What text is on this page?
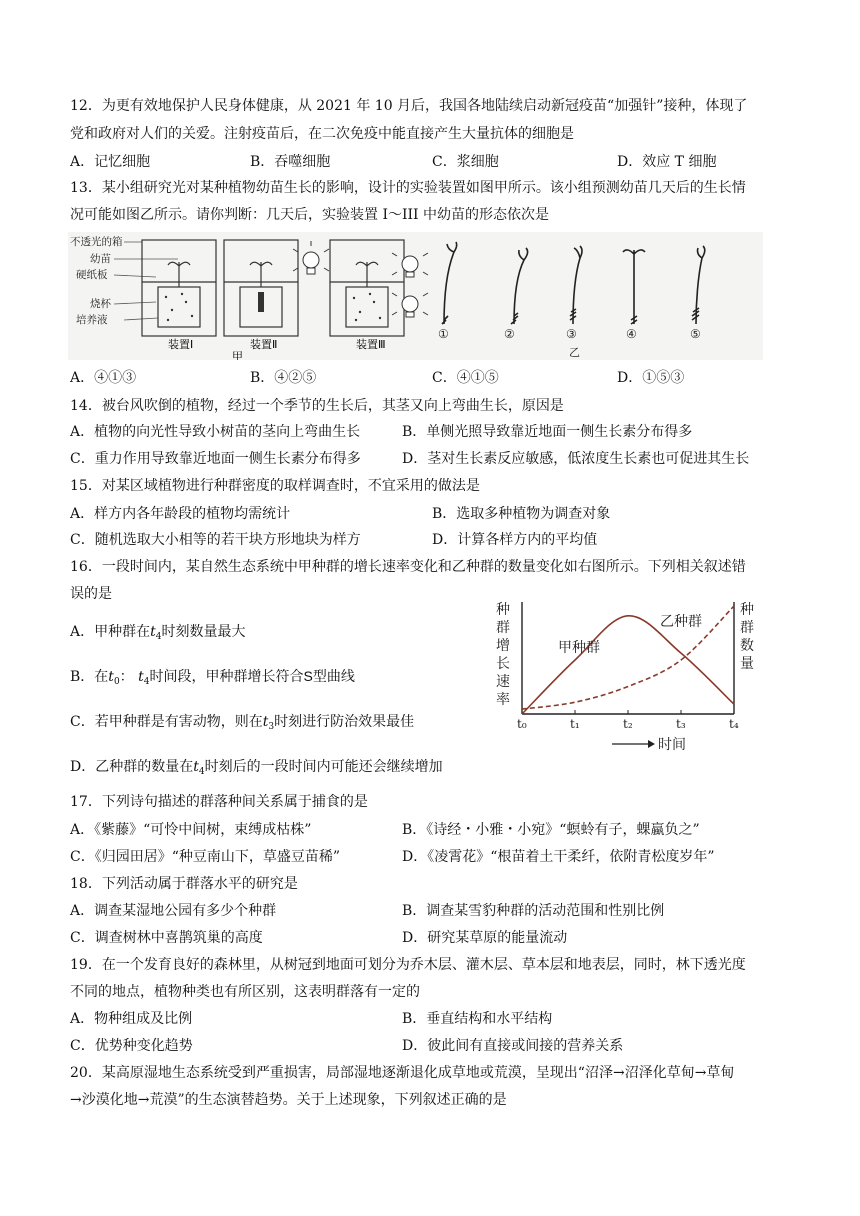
12．为更有效地保护人民身体健康，从 2021 年 10 月后，我国各地陆续启动新冠疫苗“加强针”接种，体现了
党和政府对人们的关爱。注射疫苗后，在二次免疫中能直接产生大量抗体的细胞是
A．记忆细胞	B．吞噬细胞	C．浆细胞	D．效应 T 细胞
13．某小组研究光对某种植物幼苗生长的影响，设计的实验装置如图甲所示。该小组预测幼苗几天后的生长情
况可能如图乙所示。请你判断：几天后，实验装置 I～III 中幼苗的形态依次是
不透光的箱
幼苗
硬纸板
烧杯
培养液
装置Ⅰ	装置Ⅱ
甲
装置Ⅲ
①	②	③	④	⑤
乙
A．④①③	B．④②⑤	C．④①⑤	D．①⑤③
14．被台风吹倒的植物，经过一个季节的生长后，其茎又向上弯曲生长，原因是
A．植物的向光性导致小树苗的茎向上弯曲生长	B．单侧光照导致靠近地面一侧生长素分布得多
C．重力作用导致靠近地面一侧生长素分布得多	D．茎对生长素反应敏感，低浓度生长素也可促进其生长
15．对某区域植物进行种群密度的取样调查时，不宜采用的做法是
A．样方内各年龄段的植物均需统计	B．选取多种植物为调查对象
C．随机选取大小相等的若干块方形地块为样方	D．计算各样方内的平均值
16．一段时间内，某自然生态系统中甲种群的增长速率变化和乙种群的数量变化如右图所示。下列相关叙述错
误的是
A．甲种群在$t_4$时刻数量最大
B．在$t_0$： $t_4$时间段，甲种群增长符合S型曲线
C．若甲种群是有害动物，则在$t_3$时刻进行防治效果最佳
D．乙种群的数量在$t_4$时刻后的一段时间内可能还会继续增加
种
群
增
长
速
率
种
群
数
量
t₀	t₁	t₂	t₃	t₄
时间
甲种群
乙种群
17．下列诗句描述的群落种间关系属于捕食的是
A．《紫藤》“可怜中间树，束缚成枯株”	B．《诗经・小雅・小宛》“螟蛉有子，蜾蠃负之”
C．《归园田居》“种豆南山下，草盛豆苗稀”	D．《凌霄花》“根苗着土干柔纤，依附青松度岁年”
18．下列活动属于群落水平的研究是
A．调查某湿地公园有多少个种群	B．调查某雪豹种群的活动范围和性别比例
C．调查树林中喜鹊筑巢的高度	D．研究某草原的能量流动
19．在一个发育良好的森林里，从树冠到地面可划分为乔木层、灌木层、草本层和地表层，同时，林下透光度
不同的地点，植物种类也有所区别，这表明群落有一定的
A．物种组成及比例	B．垂直结构和水平结构
C．优势种变化趋势	D．彼此间有直接或间接的营养关系
20．某高原湿地生态系统受到严重损害，局部湿地逐渐退化成草地或荒漠，呈现出“沼泽→沼泽化草甸→草甸
→沙漠化地→荒漠”的生态演替趋势。关于上述现象，下列叙述正确的是
